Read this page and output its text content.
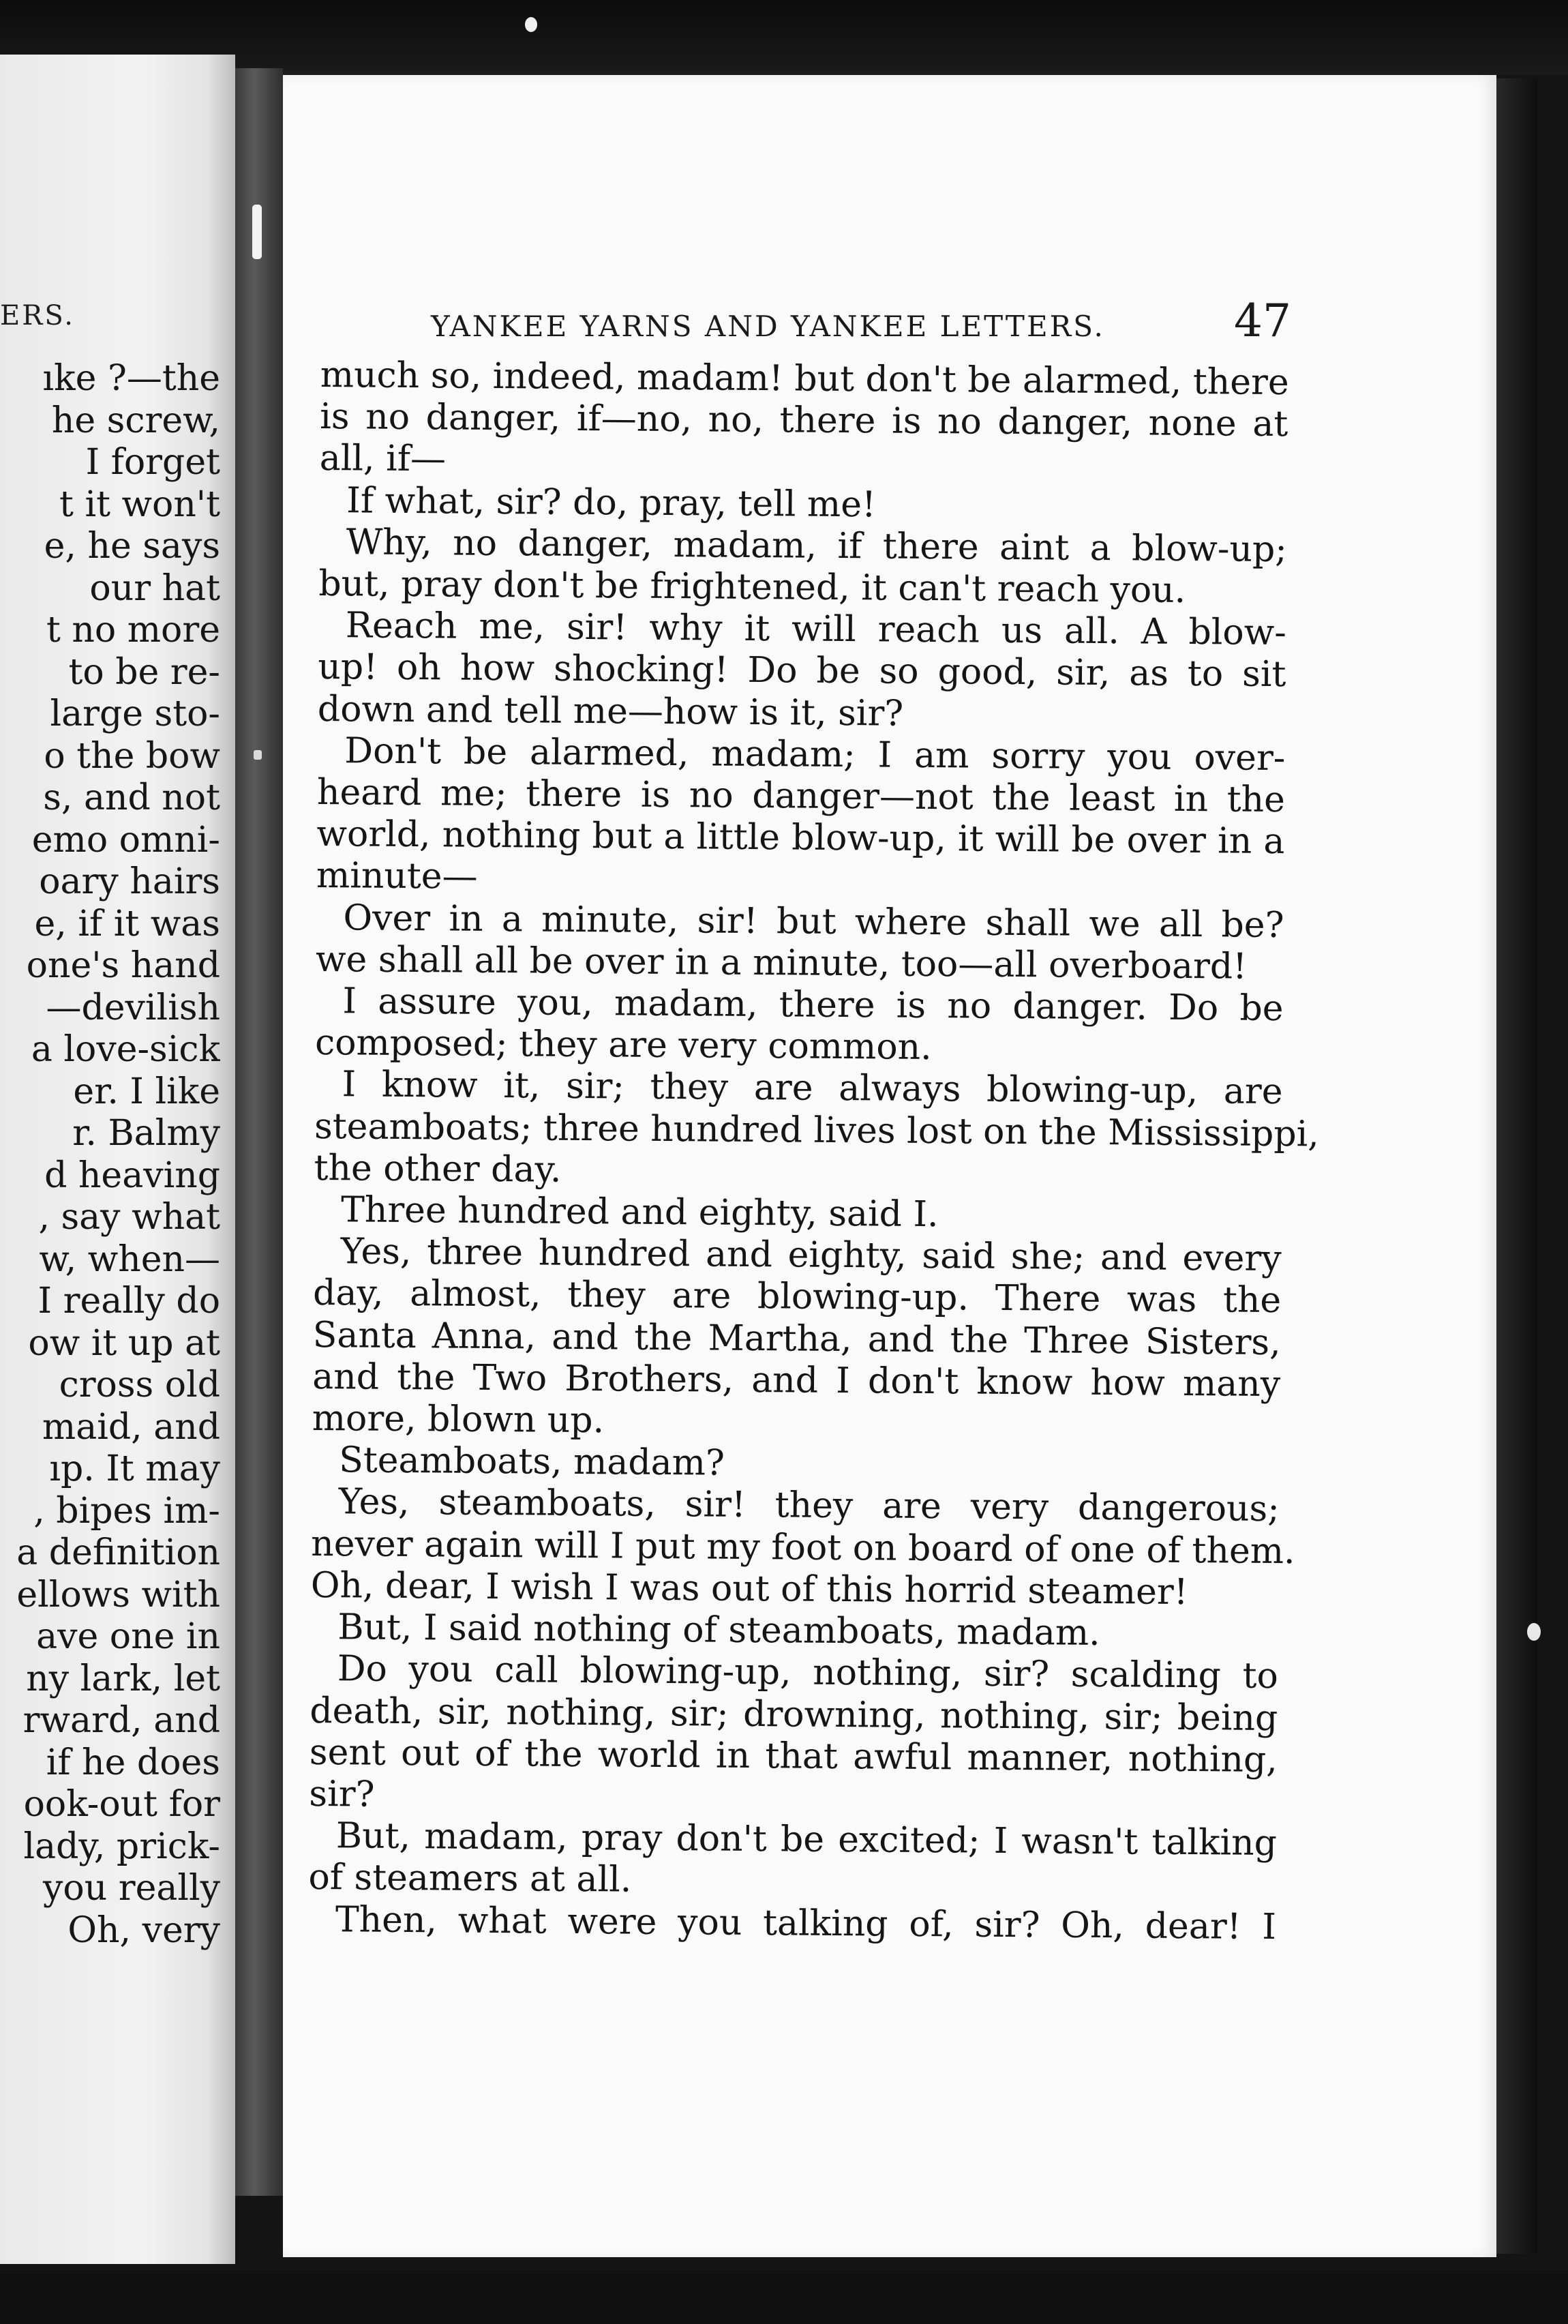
ERS.
ıke ?—the
he screw,
I forget
t it won't
e, he says
our hat
t no more
to be re-
large sto-
o the bow
s, and not
emo omni-
oary hairs
e, if it was
one's hand
—devilish
a love-sick
er. I like
r. Balmy
d heaving
, say what
w, when—
I really do
ow it up at
cross old
maid, and
ıp. It may
, bipes im-
a definition
ellows with
ave one in
ny lark, let
rward, and
if he does
ook-out for
lady, prick-
you really
Oh, very
YANKEE YARNS AND YANKEE LETTERS.	47
much so, indeed, madam! but don't be alarmed, there
is no danger, if—no, no, there is no danger, none at
all, if—
If what, sir? do, pray, tell me!
Why, no danger, madam, if there aint a blow-up;
but, pray don't be frightened, it can't reach you.
Reach me, sir! why it will reach us all. A blow-
up! oh how shocking! Do be so good, sir, as to sit
down and tell me—how is it, sir?
Don't be alarmed, madam; I am sorry you over-
heard me; there is no danger—not the least in the
world, nothing but a little blow-up, it will be over in a
minute—
Over in a minute, sir! but where shall we all be?
we shall all be over in a minute, too—all overboard!
I assure you, madam, there is no danger. Do be
composed; they are very common.
I know it, sir; they are always blowing-up, are
steamboats; three hundred lives lost on the Mississippi,
the other day.
Three hundred and eighty, said I.
Yes, three hundred and eighty, said she; and every
day, almost, they are blowing-up. There was the
Santa Anna, and the Martha, and the Three Sisters,
and the Two Brothers, and I don't know how many
more, blown up.
Steamboats, madam?
Yes, steamboats, sir! they are very dangerous;
never again will I put my foot on board of one of them.
Oh, dear, I wish I was out of this horrid steamer!
But, I said nothing of steamboats, madam.
Do you call blowing-up, nothing, sir? scalding to
death, sir, nothing, sir; drowning, nothing, sir; being
sent out of the world in that awful manner, nothing,
sir?
But, madam, pray don't be excited; I wasn't talking
of steamers at all.
Then, what were you talking of, sir? Oh, dear! I
